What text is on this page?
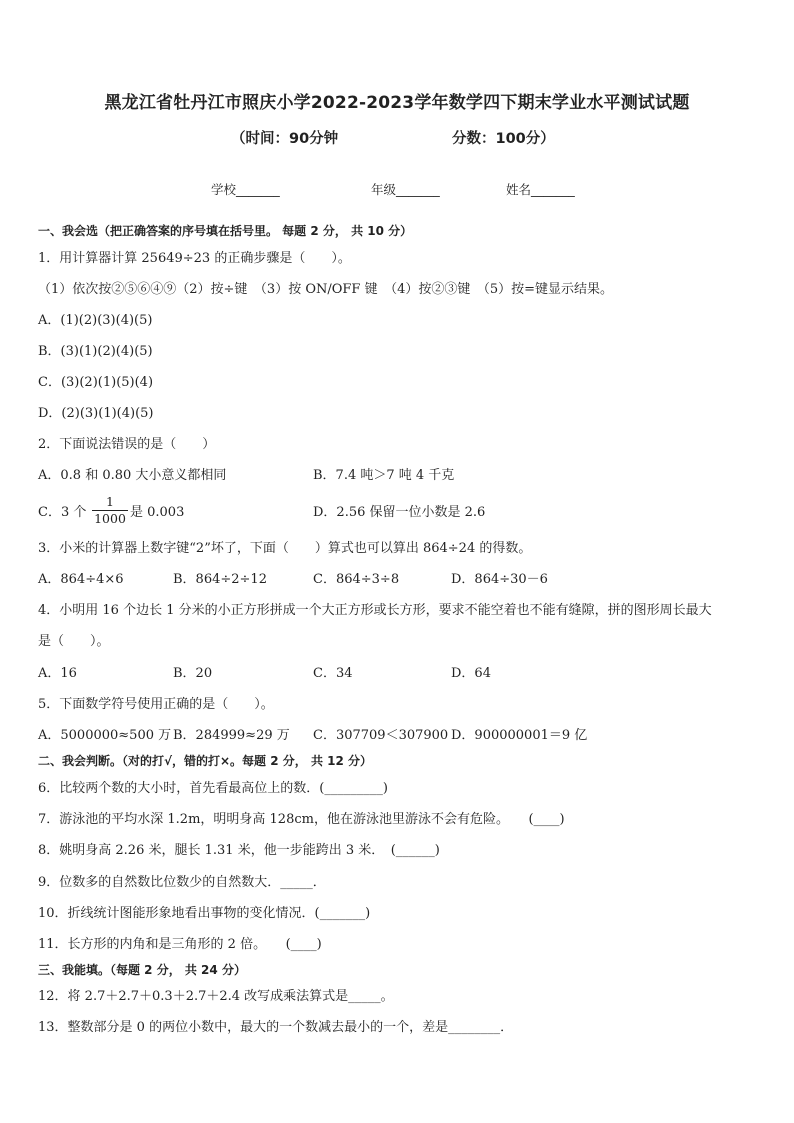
黑龙江省牡丹江市照庆小学2022-2023学年数学四下期末学业水平测试试题
（时间：90分钟	分数：100分）
学校_______	年级_______	姓名_______
一、我会选（把正确答案的序号填在括号里。 每题 2 分， 共 10 分）
1．用计算器计算 25649÷23 的正确步骤是（　　）。
（1）依次按②⑤⑥④⑨（2）按÷键　（3）按 ON/OFF 键　（4）按②③键　（5）按=键显示结果。
A．(1)(2)(3)(4)(5)
B．(3)(1)(2)(4)(5)
C．(3)(2)(1)(5)(4)
D．(2)(3)(1)(4)(5)
2．下面说法错误的是（　　）
A．0.8 和 0.80 大小意义都相同	B．7.4 吨＞7 吨 4 千克
C．3 个
1
1000 是 0.003	D．2.56 保留一位小数是 2.6
3．小米的计算器上数字键“2”坏了，下面（　　）算式也可以算出 864÷24 的得数。
A．864÷4×6	B．864÷2÷12	C．864÷3÷8	D．864÷30－6
4．小明用 16 个边长 1 分米的小正方形拼成一个大正方形或长方形，要求不能空着也不能有缝隙，拼的图形周长最大
是（　　）。
A．16	B．20	C．34	D．64
5．下面数学符号使用正确的是（　　）。
A．5000000≈500 万 B．284999≈29 万 C．307709＜307900 D．900000001＝9 亿
二、我会判断。（对的打√，错的打×。每题 2 分， 共 12 分）
6．比较两个数的大小时，首先看最高位上的数．(_________)
7．游泳池的平均水深 1.2m，明明身高 128cm，他在游泳池里游泳不会有危险。　　(____)
8．姚明身高 2.26 米，腿长 1.31 米，他一步能跨出 3 米．　(______)
9．位数多的自然数比位数少的自然数大．_____．
10．折线统计图能形象地看出事物的变化情况．(_______)
11．长方形的内角和是三角形的 2 倍。　　(____)
三、我能填。（每题 2 分， 共 24 分）
12．将 2.7＋2.7＋0.3＋2.7＋2.4 改写成乘法算式是_____。
13．整数部分是 0 的两位小数中，最大的一个数减去最小的一个，差是________．
